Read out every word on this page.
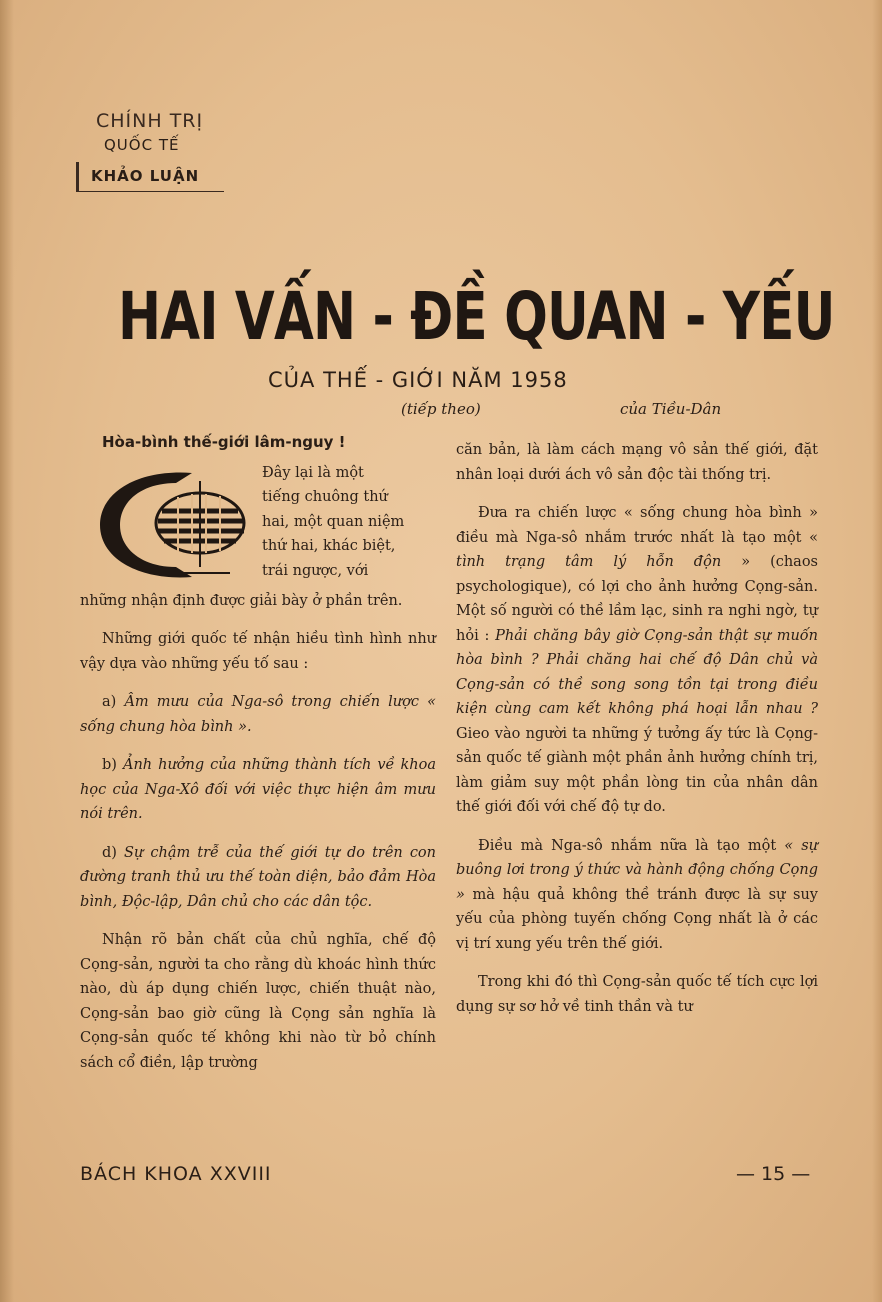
CHÍNH TRỊ
QUỐC TẾ
KHẢO LUẬN
HAI VẤN - ĐỀ QUAN - YẾU
CỦA THẾ - GIỚI NĂM 1958
(tiếp theo)	của Tiều-Dân
Hòa-bình thế-giới lâm-nguy !
Đây lại là một
tiếng chuông thứ
hai, một quan niệm
thứ hai, khác biệt,
trái ngược, với
những nhận định được giải bày ở phần trên.

Những giới quốc tế nhận hiều tình hình như vậy dựa vào những yếu tố sau :

a) Âm mưu của Nga-sô trong chiến lược « sống chung hòa bình ».

b) Ảnh hưởng của những thành tích về khoa học của Nga-Xô đối với việc thực hiện âm mưu nói trên.

d) Sự chậm trễ của thế giới tự do trên con đường tranh thủ ưu thế toàn diện, bảo đảm Hòa bình, Độc-lập, Dân chủ cho các dân tộc.

Nhận rõ bản chất của chủ nghĩa, chế độ Cọng-sản, người ta cho rằng dù khoác hình thức nào, dù áp dụng chiến lược, chiến thuật nào, Cọng-sản bao giờ cũng là Cọng sản nghĩa là Cọng-sản quốc tế không khi nào từ bỏ chính sách cổ điền, lập trường

căn bản, là làm cách mạng vô sản thế giới, đặt nhân loại dưới ách vô sản độc tài thống trị.

Đưa ra chiến lược « sống chung hòa bình » điều mà Nga-sô nhắm trước nhất là tạo một « tình trạng tâm lý hỗn độn » (chaos psychologique), có lợi cho ảnh hưởng Cọng-sản. Một số người có thề lầm lạc, sinh ra nghi ngờ, tự hỏi : Phải chăng bây giờ Cọng-sản thật sự muốn hòa bình ? Phải chăng hai chế độ Dân chủ và Cọng-sản có thề song song tồn tại trong điều kiện cùng cam kết không phá hoại lẫn nhau ? Gieo vào người ta những ý tưởng ấy tức là Cọng-sản quốc tế giành một phần ảnh hưởng chính trị, làm giảm suy một phần lòng tin của nhân dân thế giới đối với chế độ tự do.

Điều mà Nga-sô nhắm nữa là tạo một « sự buông lơi trong ý thức và hành động chống Cọng » mà hậu quả không thề tránh được là sự suy yếu của phòng tuyến chống Cọng nhất là ở các vị trí xung yếu trên thế giới.

Trong khi đó thì Cọng-sản quốc tế tích cực lợi dụng sự sơ hở về tinh thần và tư

BÁCH KHOA XXVIII	— 15 —
